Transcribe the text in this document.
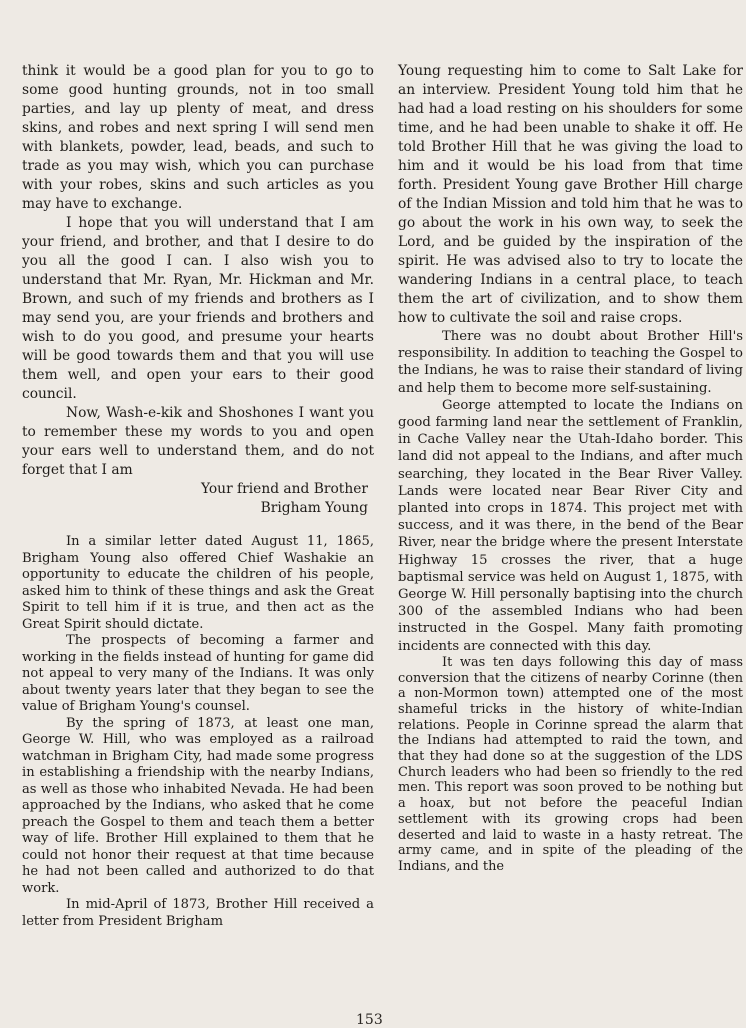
think it would be a good plan for you to go to some good hunting grounds, not in too small parties, and lay up plenty of meat, and dress skins, and robes and next spring I will send men with blankets, powder, lead, beads, and such to trade as you may wish, which you can purchase with your robes, skins and such articles as you may have to exchange.

I hope that you will understand that I am your friend, and brother, and that I desire to do you all the good I can. I also wish you to understand that Mr. Ryan, Mr. Hickman and Mr. Brown, and such of my friends and brothers as I may send you, are your friends and brothers and wish to do you good, and presume your hearts will be good towards them and that you will use them well, and open your ears to their good council.

Now, Wash-e-kik and Shoshones I want you to remember these my words to you and open your ears well to understand them, and do not forget that I am

Your friend and Brother

Brigham Young

In a similar letter dated August 11, 1865, Brigham Young also offered Chief Washakie an opportunity to educate the children of his people, asked him to think of these things and ask the Great Spirit to tell him if it is true, and then act as the Great Spirit should dictate.

The prospects of becoming a farmer and working in the fields instead of hunting for game did not appeal to very many of the Indians. It was only about twenty years later that they began to see the value of Brigham Young's counsel.

By the spring of 1873, at least one man, George W. Hill, who was employed as a railroad watchman in Brigham City, had made some progress in establishing a friendship with the nearby Indians, as well as those who inhabited Nevada. He had been approached by the Indians, who asked that he come preach the Gospel to them and teach them a better way of life. Brother Hill explained to them that he could not honor their request at that time because he had not been called and authorized to do that work.

In mid-April of 1873, Brother Hill received a letter from President Brigham

Young requesting him to come to Salt Lake for an interview. President Young told him that he had had a load resting on his shoulders for some time, and he had been unable to shake it off. He told Brother Hill that he was giving the load to him and it would be his load from that time forth. President Young gave Brother Hill charge of the Indian Mission and told him that he was to go about the work in his own way, to seek the Lord, and be guided by the inspiration of the spirit. He was advised also to try to locate the wandering Indians in a central place, to teach them the art of civilization, and to show them how to cultivate the soil and raise crops.

There was no doubt about Brother Hill's responsibility. In addition to teaching the Gospel to the Indians, he was to raise their standard of living and help them to become more self-sustaining.

George attempted to locate the Indians on good farming land near the settlement of Franklin, in Cache Valley near the Utah-Idaho border. This land did not appeal to the Indians, and after much searching, they located in the Bear River Valley. Lands were located near Bear River City and planted into crops in 1874. This project met with success, and it was there, in the bend of the Bear River, near the bridge where the present Interstate Highway 15 crosses the river, that a huge baptismal service was held on August 1, 1875, with George W. Hill personally baptising into the church 300 of the assembled Indians who had been instructed in the Gospel. Many faith promoting incidents are connected with this day.

It was ten days following this day of mass conversion that the citizens of nearby Corinne (then a non-Mormon town) attempted one of the most shameful tricks in the history of white-Indian relations. People in Corinne spread the alarm that the Indians had attempted to raid the town, and that they had done so at the suggestion of the LDS Church leaders who had been so friendly to the red men. This report was soon proved to be nothing but a hoax, but not before the peaceful Indian settlement with its growing crops had been deserted and laid to waste in a hasty retreat. The army came, and in spite of the pleading of the Indians, and the

153
